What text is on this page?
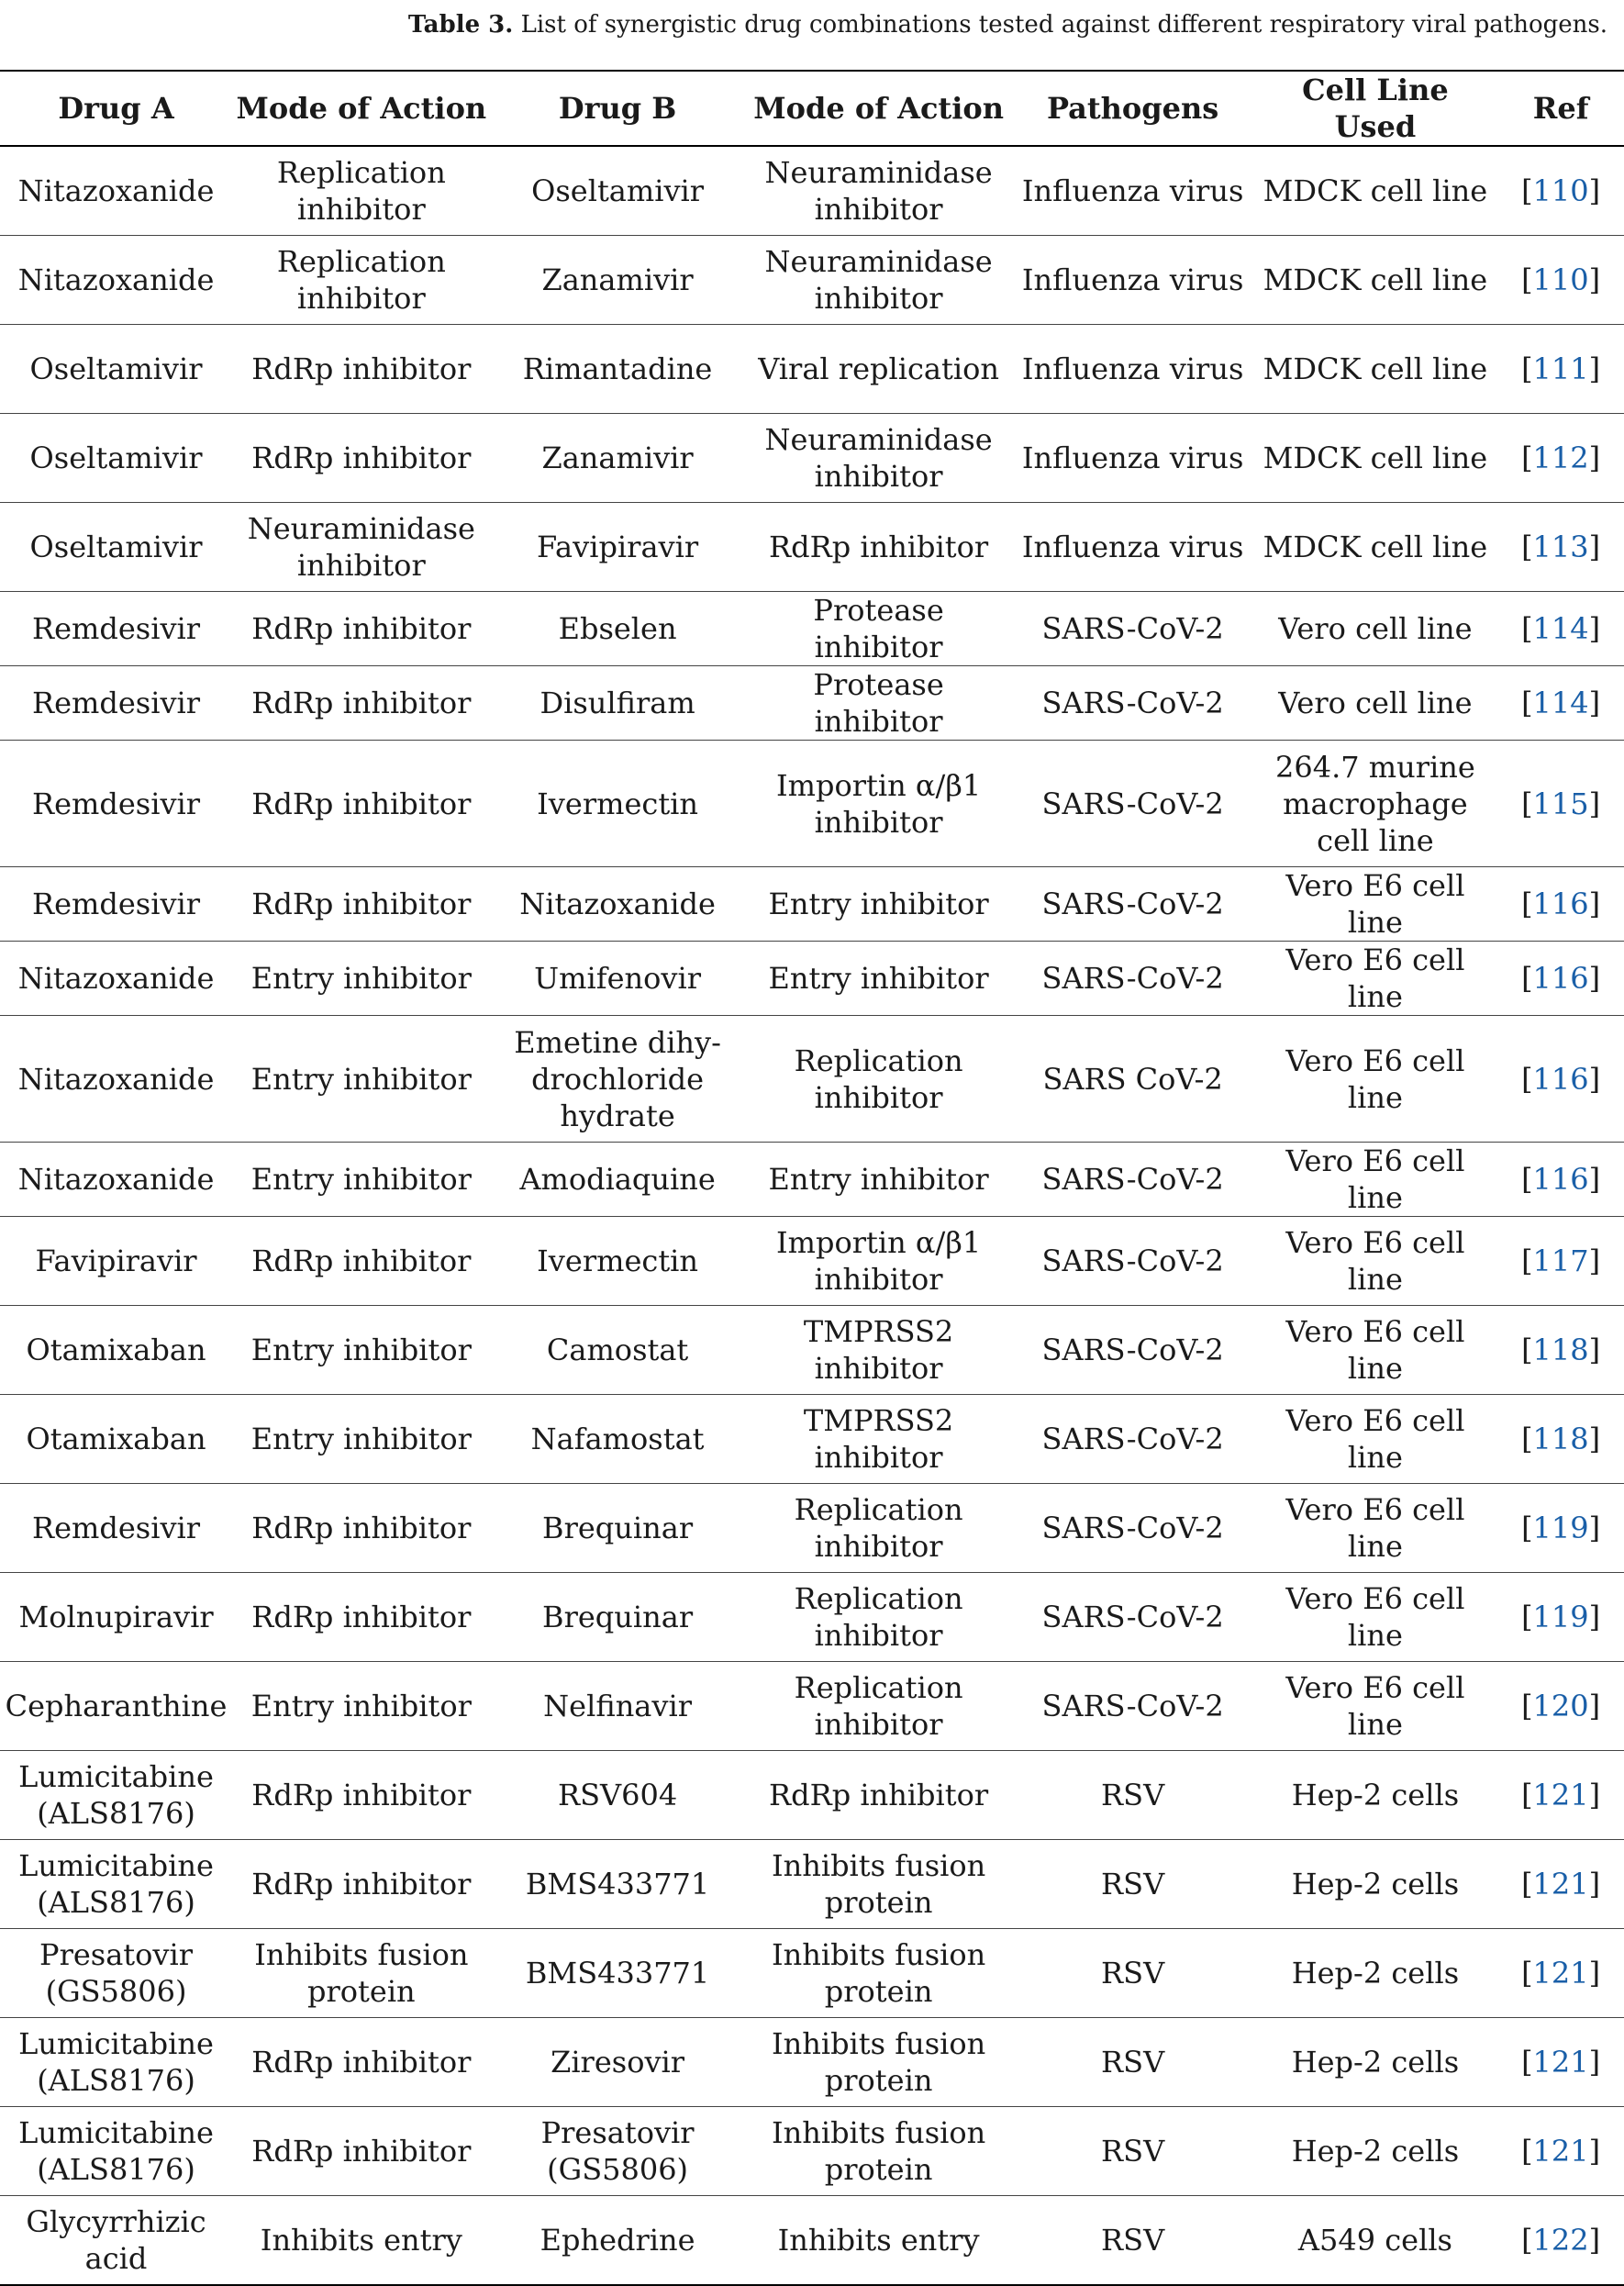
Table 3. List of synergistic drug combinations tested against different respiratory viral pathogens.
Drug A	Mode of Action	Drug B	Mode of Action	Pathogens	Cell Line Used	Ref
Nitazoxanide	Replication inhibitor	Oseltamivir	Neuraminidase inhibitor	Influenza virus	MDCK cell line	[110]
Nitazoxanide	Replication inhibitor	Zanamivir	Neuraminidase inhibitor	Influenza virus	MDCK cell line	[110]
Oseltamivir	RdRp inhibitor	Rimantadine	Viral replication	Influenza virus	MDCK cell line	[111]
Oseltamivir	RdRp inhibitor	Zanamivir	Neuraminidase inhibitor	Influenza virus	MDCK cell line	[112]
Oseltamivir	Neuraminidase inhibitor	Favipiravir	RdRp inhibitor	Influenza virus	MDCK cell line	[113]
Remdesivir	RdRp inhibitor	Ebselen	Protease inhibitor	SARS-CoV-2	Vero cell line	[114]
Remdesivir	RdRp inhibitor	Disulfiram	Protease inhibitor	SARS-CoV-2	Vero cell line	[114]
Remdesivir	RdRp inhibitor	Ivermectin	Importin α/β1 inhibitor	SARS-CoV-2	264.7 murine macrophage cell line	[115]
Remdesivir	RdRp inhibitor	Nitazoxanide	Entry inhibitor	SARS-CoV-2	Vero E6 cell line	[116]
Nitazoxanide	Entry inhibitor	Umifenovir	Entry inhibitor	SARS-CoV-2	Vero E6 cell line	[116]
Nitazoxanide	Entry inhibitor	Emetine dihy-drochloride hydrate	Replication inhibitor	SARS CoV-2	Vero E6 cell line	[116]
Nitazoxanide	Entry inhibitor	Amodiaquine	Entry inhibitor	SARS-CoV-2	Vero E6 cell line	[116]
Favipiravir	RdRp inhibitor	Ivermectin	Importin α/β1 inhibitor	SARS-CoV-2	Vero E6 cell line	[117]
Otamixaban	Entry inhibitor	Camostat	TMPRSS2 inhibitor	SARS-CoV-2	Vero E6 cell line	[118]
Otamixaban	Entry inhibitor	Nafamostat	TMPRSS2 inhibitor	SARS-CoV-2	Vero E6 cell line	[118]
Remdesivir	RdRp inhibitor	Brequinar	Replication inhibitor	SARS-CoV-2	Vero E6 cell line	[119]
Molnupiravir	RdRp inhibitor	Brequinar	Replication inhibitor	SARS-CoV-2	Vero E6 cell line	[119]
Cepharanthine	Entry inhibitor	Nelfinavir	Replication inhibitor	SARS-CoV-2	Vero E6 cell line	[120]
Lumicitabine (ALS8176)	RdRp inhibitor	RSV604	RdRp inhibitor	RSV	Hep-2 cells	[121]
Lumicitabine (ALS8176)	RdRp inhibitor	BMS433771	Inhibits fusion protein	RSV	Hep-2 cells	[121]
Presatovir (GS5806)	Inhibits fusion protein	BMS433771	Inhibits fusion protein	RSV	Hep-2 cells	[121]
Lumicitabine (ALS8176)	RdRp inhibitor	Ziresovir	Inhibits fusion protein	RSV	Hep-2 cells	[121]
Lumicitabine (ALS8176)	RdRp inhibitor	Presatovir (GS5806)	Inhibits fusion protein	RSV	Hep-2 cells	[121]
Glycyrrhizic acid	Inhibits entry	Ephedrine	Inhibits entry	RSV	A549 cells	[122]
